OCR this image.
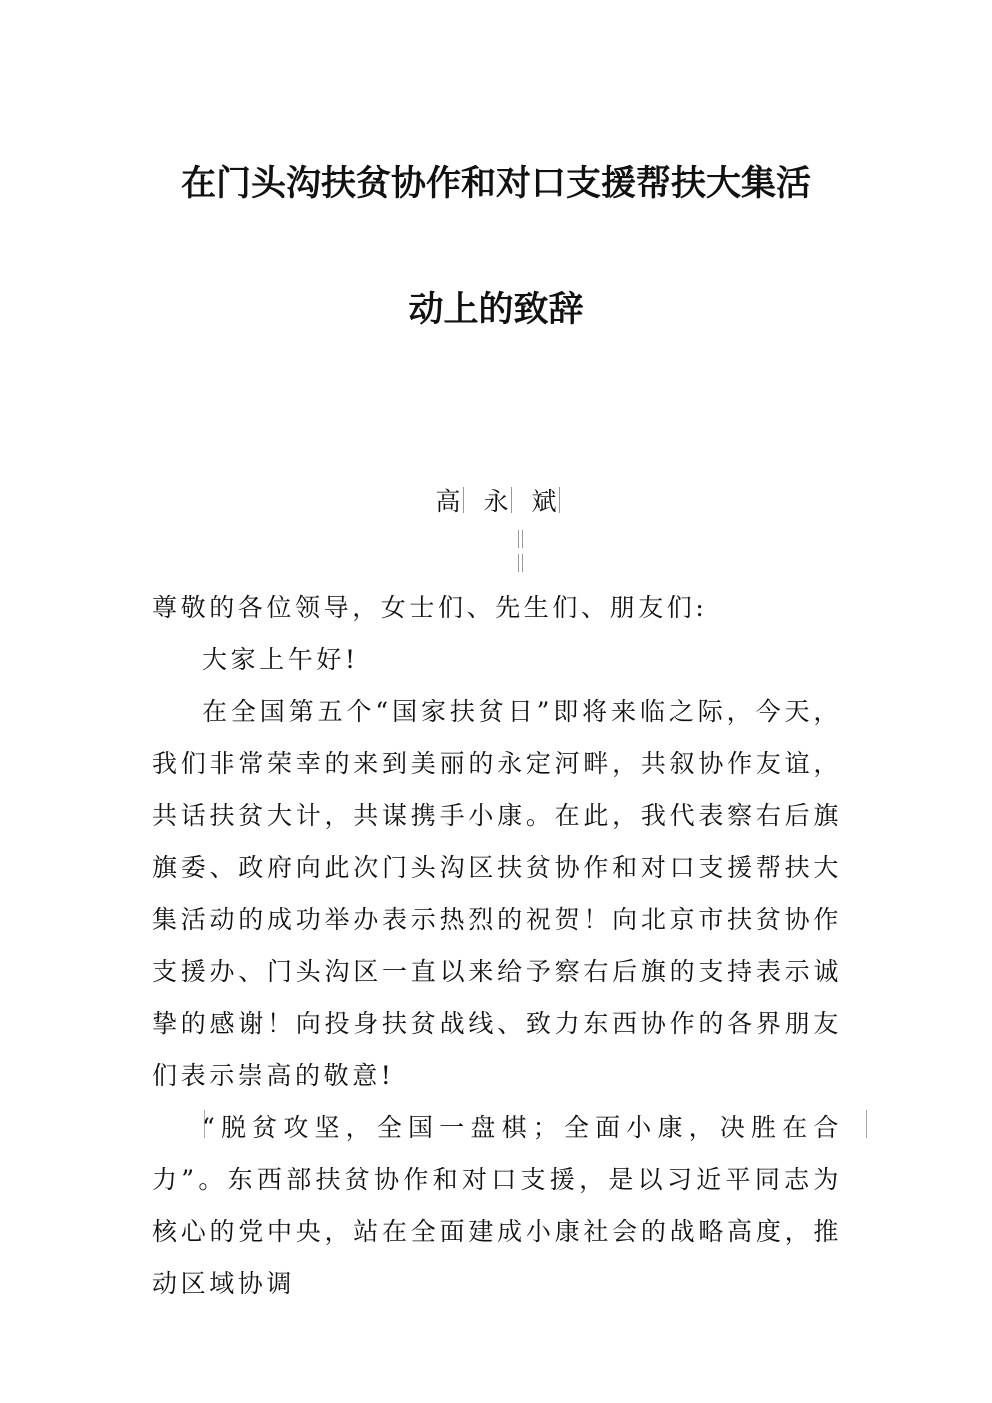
在门头沟扶贫协作和对口支援帮扶大集活
动上的致辞
高 永 斌
尊敬的各位领导，女士们、先生们、朋友们:
大家上午好!

在全国第五个“国家扶贫日”即将来临之际，今天，我们非常荣幸的来到美丽的永定河畔，共叙协作友谊，共话扶贫大计，共谋携手小康。在此，我代表察右后旗旗委、政府向此次门头沟区扶贫协作和对口支援帮扶大集活动的成功举办表示热烈的祝贺！向北京市扶贫协作支援办、门头沟区一直以来给予察右后旗的支持表示诚挚的感谢！向投身扶贫战线、致力东西协作的各界朋友们表示崇高的敬意!

“脱贫攻坚，全国一盘棋；全面小康，决胜在合力”。东西部扶贫协作和对口支援，是以习近平同志为核心的党中央，站在全面建成小康社会的战略高度，推动区域协调
